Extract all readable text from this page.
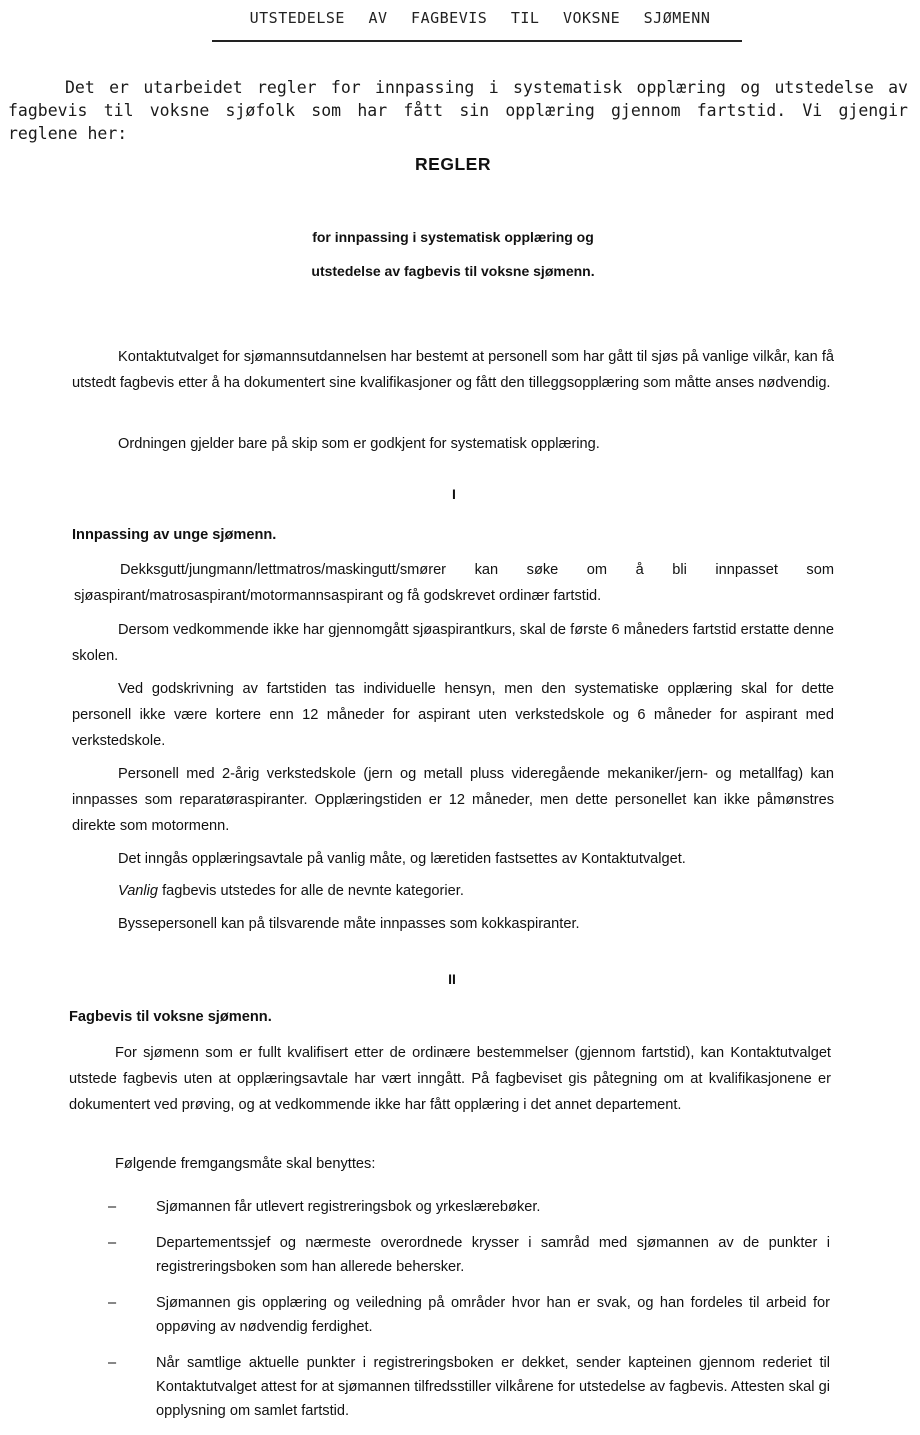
UTSTEDELSE AV FAGBEVIS TIL VOKSNE SJØMENN

Det er utarbeidet regler for innpassing i systematisk opplæring og utstedelse av fagbevis til voksne sjøfolk som har fått sin opplæring gjennom fartstid. Vi gjengir reglene her:

REGLER
for innpassing i systematisk opplæring og
utstedelse av fagbevis til voksne sjømenn.

Kontaktutvalget for sjømannsutdannelsen har bestemt at personell som har gått til sjøs på vanlige vilkår, kan få utstedt fagbevis etter å ha dokumentert sine kvalifikasjoner og fått den tilleggsopplæring som måtte anses nødvendig.

Ordningen gjelder bare på skip som er godkjent for systematisk opplæring.

I
Innpassing av unge sjømenn.

Dekksgutt/jungmann/lettmatros/maskingutt/smører kan søke om å bli innpasset som sjøaspirant/matrosaspirant/motormannsaspirant og få godskrevet ordinær fartstid.

Dersom vedkommende ikke har gjennomgått sjøaspirantkurs, skal de første 6 måneders fartstid erstatte denne skolen.

Ved godskrivning av fartstiden tas individuelle hensyn, men den systematiske opplæring skal for dette personell ikke være kortere enn 12 måneder for aspirant uten verkstedskole og 6 måneder for aspirant med verkstedskole.

Personell med 2-årig verkstedskole (jern og metall pluss videregående mekaniker/jern- og metallfag) kan innpasses som reparatøraspiranter. Opplæringstiden er 12 måneder, men dette personellet kan ikke påmønstres direkte som motormenn.

Det inngås opplæringsavtale på vanlig måte, og læretiden fastsettes av Kontaktutvalget.

Vanlig fagbevis utstedes for alle de nevnte kategorier.

Byssepersonell kan på tilsvarende måte innpasses som kokkaspiranter.

II
Fagbevis til voksne sjømenn.

For sjømenn som er fullt kvalifisert etter de ordinære bestemmelser (gjennom fartstid), kan Kontaktutvalget utstede fagbevis uten at opplæringsavtale har vært inngått. På fagbeviset gis påtegning om at kvalifikasjonene er dokumentert ved prøving, og at vedkommende ikke har fått opplæring i det annet departement.

Følgende fremgangsmåte skal benyttes:

–	Sjømannen får utlevert registreringsbok og yrkeslærebøker.
–	Departementssjef og nærmeste overordnede krysser i samråd med sjømannen av de punkter i registreringsboken som han allerede behersker.
–	Sjømannen gis opplæring og veiledning på områder hvor han er svak, og han fordeles til arbeid for oppøving av nødvendig ferdighet.
–	Når samtlige aktuelle punkter i registreringsboken er dekket, sender kapteinen gjennom rederiet til Kontaktutvalget attest for at sjømannen tilfredsstiller vilkårene for utstedelse av fagbevis. Attesten skal gi opplysning om samlet fartstid.
